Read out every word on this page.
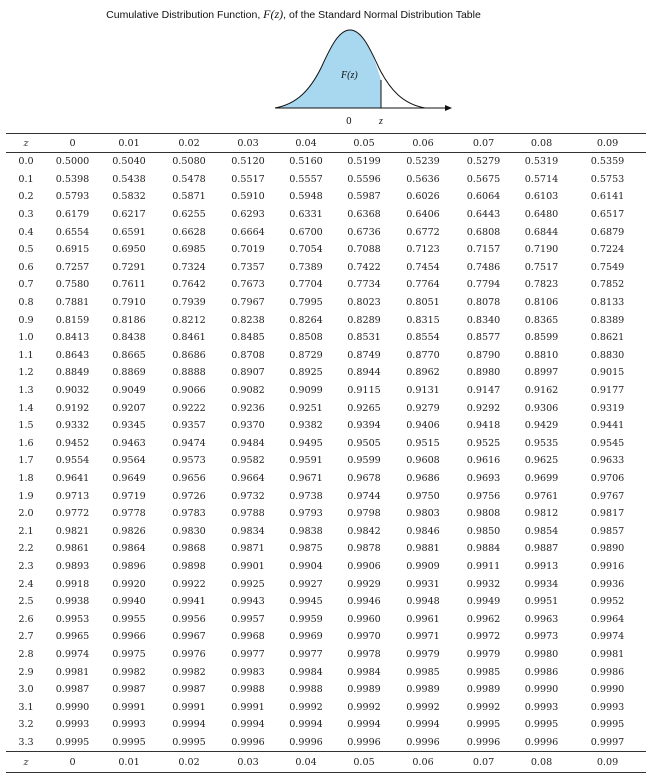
Cumulative Distribution Function, F(z), of the Standard Normal Distribution Table
F(z)
0	z
z	0	0.01	0.02	0.03	0.04	0.05	0.06	0.07	0.08	0.09
0.0	0.5000	0.5040	0.5080	0.5120	0.5160	0.5199	0.5239	0.5279	0.5319	0.5359
0.1	0.5398	0.5438	0.5478	0.5517	0.5557	0.5596	0.5636	0.5675	0.5714	0.5753
0.2	0.5793	0.5832	0.5871	0.5910	0.5948	0.5987	0.6026	0.6064	0.6103	0.6141
0.3	0.6179	0.6217	0.6255	0.6293	0.6331	0.6368	0.6406	0.6443	0.6480	0.6517
0.4	0.6554	0.6591	0.6628	0.6664	0.6700	0.6736	0.6772	0.6808	0.6844	0.6879
0.5	0.6915	0.6950	0.6985	0.7019	0.7054	0.7088	0.7123	0.7157	0.7190	0.7224
0.6	0.7257	0.7291	0.7324	0.7357	0.7389	0.7422	0.7454	0.7486	0.7517	0.7549
0.7	0.7580	0.7611	0.7642	0.7673	0.7704	0.7734	0.7764	0.7794	0.7823	0.7852
0.8	0.7881	0.7910	0.7939	0.7967	0.7995	0.8023	0.8051	0.8078	0.8106	0.8133
0.9	0.8159	0.8186	0.8212	0.8238	0.8264	0.8289	0.8315	0.8340	0.8365	0.8389
1.0	0.8413	0.8438	0.8461	0.8485	0.8508	0.8531	0.8554	0.8577	0.8599	0.8621
1.1	0.8643	0.8665	0.8686	0.8708	0.8729	0.8749	0.8770	0.8790	0.8810	0.8830
1.2	0.8849	0.8869	0.8888	0.8907	0.8925	0.8944	0.8962	0.8980	0.8997	0.9015
1.3	0.9032	0.9049	0.9066	0.9082	0.9099	0.9115	0.9131	0.9147	0.9162	0.9177
1.4	0.9192	0.9207	0.9222	0.9236	0.9251	0.9265	0.9279	0.9292	0.9306	0.9319
1.5	0.9332	0.9345	0.9357	0.9370	0.9382	0.9394	0.9406	0.9418	0.9429	0.9441
1.6	0.9452	0.9463	0.9474	0.9484	0.9495	0.9505	0.9515	0.9525	0.9535	0.9545
1.7	0.9554	0.9564	0.9573	0.9582	0.9591	0.9599	0.9608	0.9616	0.9625	0.9633
1.8	0.9641	0.9649	0.9656	0.9664	0.9671	0.9678	0.9686	0.9693	0.9699	0.9706
1.9	0.9713	0.9719	0.9726	0.9732	0.9738	0.9744	0.9750	0.9756	0.9761	0.9767
2.0	0.9772	0.9778	0.9783	0.9788	0.9793	0.9798	0.9803	0.9808	0.9812	0.9817
2.1	0.9821	0.9826	0.9830	0.9834	0.9838	0.9842	0.9846	0.9850	0.9854	0.9857
2.2	0.9861	0.9864	0.9868	0.9871	0.9875	0.9878	0.9881	0.9884	0.9887	0.9890
2.3	0.9893	0.9896	0.9898	0.9901	0.9904	0.9906	0.9909	0.9911	0.9913	0.9916
2.4	0.9918	0.9920	0.9922	0.9925	0.9927	0.9929	0.9931	0.9932	0.9934	0.9936
2.5	0.9938	0.9940	0.9941	0.9943	0.9945	0.9946	0.9948	0.9949	0.9951	0.9952
2.6	0.9953	0.9955	0.9956	0.9957	0.9959	0.9960	0.9961	0.9962	0.9963	0.9964
2.7	0.9965	0.9966	0.9967	0.9968	0.9969	0.9970	0.9971	0.9972	0.9973	0.9974
2.8	0.9974	0.9975	0.9976	0.9977	0.9977	0.9978	0.9979	0.9979	0.9980	0.9981
2.9	0.9981	0.9982	0.9982	0.9983	0.9984	0.9984	0.9985	0.9985	0.9986	0.9986
3.0	0.9987	0.9987	0.9987	0.9988	0.9988	0.9989	0.9989	0.9989	0.9990	0.9990
3.1	0.9990	0.9991	0.9991	0.9991	0.9992	0.9992	0.9992	0.9992	0.9993	0.9993
3.2	0.9993	0.9993	0.9994	0.9994	0.9994	0.9994	0.9994	0.9995	0.9995	0.9995
3.3	0.9995	0.9995	0.9995	0.9996	0.9996	0.9996	0.9996	0.9996	0.9996	0.9997
z	0	0.01	0.02	0.03	0.04	0.05	0.06	0.07	0.08	0.09
